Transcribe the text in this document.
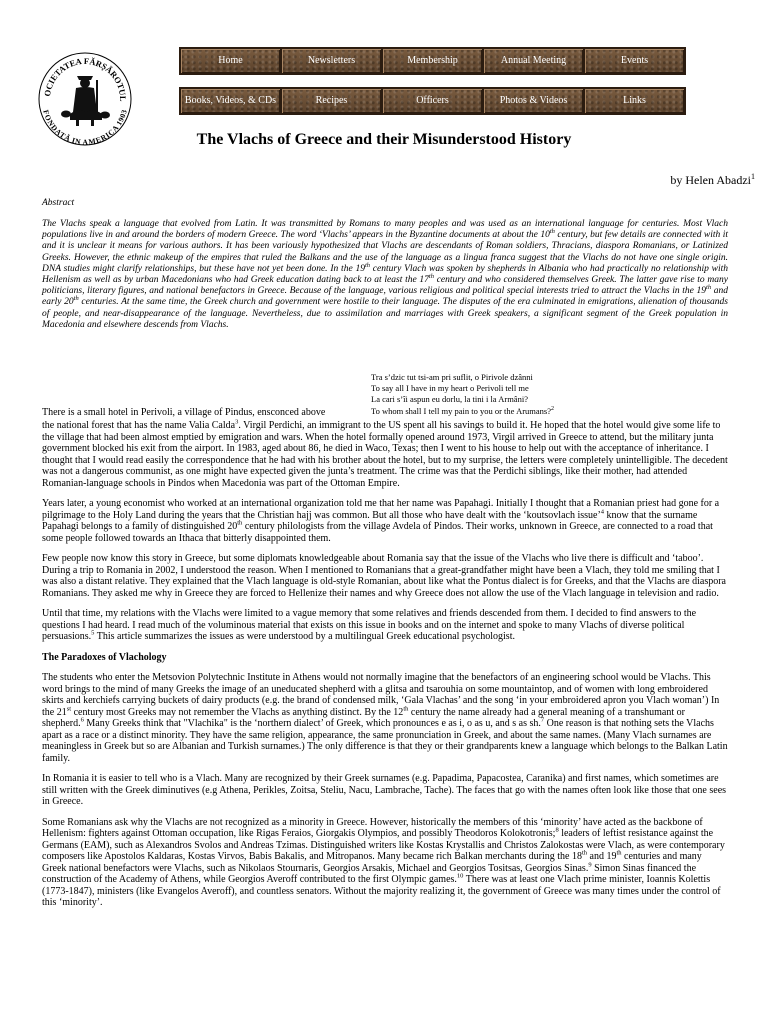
OCIETATEA FĂRŞĂROTUL
FONDATĂ IN AMERICA 1903
Home	Newsletters	Membership	Annual Meeting	Events
Books, Videos, & CDs	Recipes	Officers	Photos & Videos	Links
The Vlachs of Greece and their Misunderstood History
by Helen Abadzi$^1$
Abstract

The Vlachs speak a language that evolved from Latin. It was transmitted by Romans to many peoples and was used as an international language for centuries. Most Vlach populations live in and around the borders of modern Greece. The word ‘Vlachs’ appears in the Byzantine documents at about the 10th century, but few details are connected with it and it is unclear it means for various authors. It has been variously hypothesized that Vlachs are descendants of Roman soldiers, Thracians, diaspora Romanians, or Latinized Greeks. However, the ethnic makeup of the empires that ruled the Balkans and the use of the language as a lingua franca suggest that the Vlachs do not have one single origin. DNA studies might clarify relationships, but these have not yet been done. In the 19th century Vlach was spoken by shepherds in Albania who had practically no relationship with Hellenism as well as by urban Macedonians who had Greek education dating back to at least the 17th century and who considered themselves Greek. The latter gave rise to many politicians, literary figures, and national benefactors in Greece. Because of the language, various religious and political special interests tried to attract the Vlachs in the 19th and early 20th centuries. At the same time, the Greek church and government were hostile to their language. The disputes of the era culminated in emigrations, alienation of thousands of people, and near-disappearance of the language. Nevertheless, due to assimilation and marriages with Greek speakers, a significant segment of the Greek population in Macedonia and elsewhere descends from Vlachs.

Tra s’dzic tut tsi-am pri suflit, o Pirivole dzânni
To say all I have in my heart o Perivoli tell me
La cari s’îi aspun eu dorlu, la tini i la Armâni?
To whom shall I tell my pain to you or the Arumans?$^2$
There is a small hotel in Perivoli, a village of Pindus, ensconced above

the national forest that has the name Valia Calda$^3$. Virgil Perdichi, an immigrant to the US spent all his savings to build it. He hoped that the hotel would give some life to the village that had been almost emptied by emigration and wars. When the hotel formally opened around 1973, Virgil arrived in Greece to attend, but the military junta government blocked his exit from the airport. In 1983, aged about 86, he died in Waco, Texas; then I went to his house to help out with the acceptance of inheritance. I thought that I would read easily the correspondence that he had with his brother about the hotel, but to my surprise, the letters were completely unintelligible. The decedent was not a dangerous communist, as one might have expected given the junta’s treatment. The crime was that the Perdichi siblings, like their mother, had attended Romanian-language schools in Pindos when Macedonia was part of the Ottoman Empire.

Years later, a young economist who worked at an international organization told me that her name was Papahagi. Initially I thought that a Romanian priest had gone for a pilgrimage to the Holy Land during the years that the Christian hajj was common. But all those who have dealt with the ‘koutsovlach issue’$^4$ know that the surname Papahagi belongs to a family of distinguished 20th century philologists from the village Avdela of Pindos. Their works, unknown in Greece, are connected to a road that some people followed towards an Ithaca that bitterly disappointed them.

Few people now know this story in Greece, but some diplomats knowledgeable about Romania say that the issue of the Vlachs who live there is difficult and ‘taboo’. During a trip to Romania in 2002, I understood the reason. When I mentioned to Romanians that a great-grandfather might have been a Vlach, they told me smiling that I was also a distant relative. They explained that the Vlach language is old-style Romanian, about like what the Pontus dialect is for Greeks, and that the Vlachs are diaspora Romanians. They asked me why in Greece they are forced to Hellenize their names and why Greece does not allow the use of the Vlach language in television and radio.

Until that time, my relations with the Vlachs were limited to a vague memory that some relatives and friends descended from them. I decided to find answers to the questions I had heard. I read much of the voluminous material that exists on this issue in books and on the internet and spoke to many Vlachs of diverse political persuasions.$^5$ This article summarizes the issues as were understood by a multilingual Greek educational psychologist.

The Paradoxes of Vlachology

The students who enter the Metsovion Polytechnic Institute in Athens would not normally imagine that the benefactors of an engineering school would be Vlachs. This word brings to the mind of many Greeks the image of an uneducated shepherd with a glitsa and tsarouhia on some mountaintop, and of women with long embroidered skirts and kerchiefs carrying buckets of dairy products (e.g. the brand of condensed milk, ‘Gala Vlachas’ and the song ‘in your embroidered apron you Vlach woman’) In the 21st century most Greeks may not remember the Vlachs as anything distinct. By the 12th century the name already had a general meaning of a transhumant or shepherd.$^6$ Many Greeks think that "Vlachika" is the ‘northern dialect’ of Greek, which pronounces e as i, o as u, and s as sh.$^7$ One reason is that nothing sets the Vlachs apart as a race or a distinct minority. They have the same religion, appearance, the same pronunciation in Greek, and about the same names. (Many Vlach surnames are meaningless in Greek but so are Albanian and Turkish surnames.) The only difference is that they or their grandparents knew a language which belongs to the Balkan Latin family.

In Romania it is easier to tell who is a Vlach. Many are recognized by their Greek surnames (e.g. Papadima, Papacostea, Caranika) and first names, which sometimes are still written with the Greek diminutives (e.g Athena, Perikles, Zoitsa, Steliu, Nacu, Lambrache, Tache). The faces that go with the names often look like those that one sees in Greece.

Some Romanians ask why the Vlachs are not recognized as a minority in Greece. However, historically the members of this ‘minority’ have acted as the backbone of Hellenism: fighters against Ottoman occupation, like Rigas Feraios, Giorgakis Olympios, and possibly Theodoros Kolokotronis;$^8$ leaders of leftist resistance against the Germans (EAM), such as Alexandros Svolos and Andreas Tzimas. Distinguished writers like Kostas Krystallis and Christos Zalokostas were Vlach, as were contemporary composers like Apostolos Kaldaras, Kostas Virvos, Babis Bakalis, and Mitropanos. Many became rich Balkan merchants during the 18th and 19th centuries and many Greek national benefactors were Vlachs, such as Nikolaos Stournaris, Georgios Arsakis, Michael and Georgios Tositsas, Georgios Sinas.$^9$ Simon Sinas financed the construction of the Academy of Athens, while Georgios Averoff contributed to the first Olympic games.$^{10}$ There was at least one Vlach prime minister, Ioannis Kolettis (1773-1847), ministers (like Evangelos Averoff), and countless senators. Without the majority realizing it, the government of Greece was many times under the control of this ‘minority’.
